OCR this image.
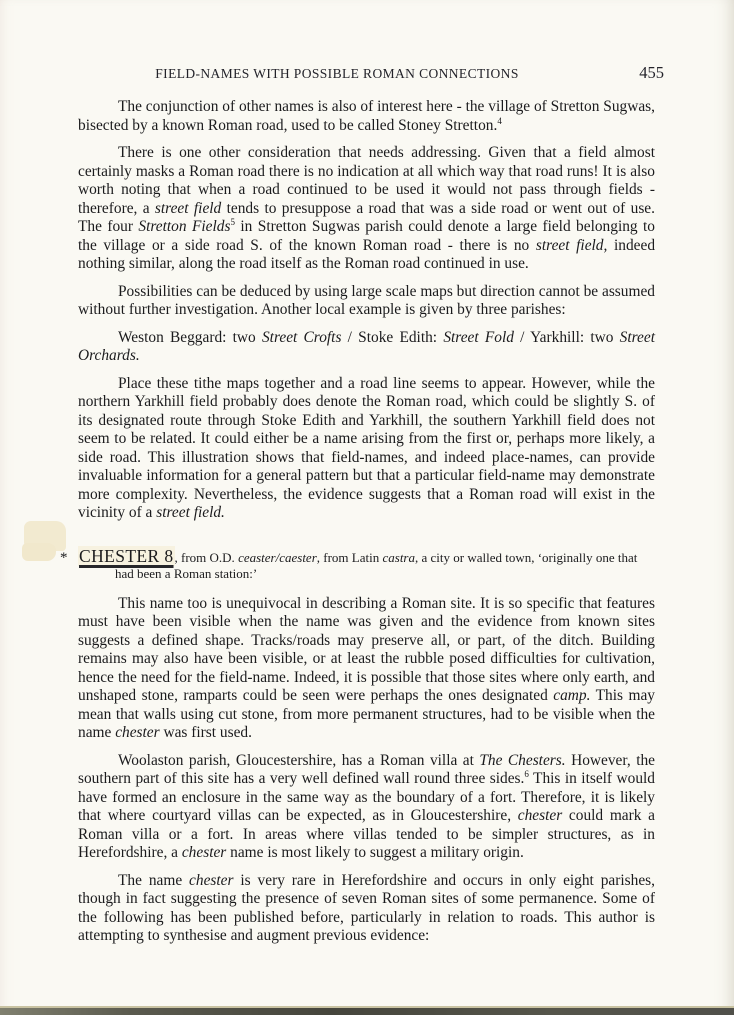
FIELD-NAMES WITH POSSIBLE ROMAN CONNECTIONS	455

The conjunction of other names is also of interest here - the village of Stretton Sugwas, bisected by a known Roman road, used to be called Stoney Stretton.$^4$

There is one other consideration that needs addressing. Given that a field almost certainly masks a Roman road there is no indication at all which way that road runs! It is also worth noting that when a road continued to be used it would not pass through fields - therefore, a street field tends to presuppose a road that was a side road or went out of use. The four Stretton Fields$^5$ in Stretton Sugwas parish could denote a large field belonging to the village or a side road S. of the known Roman road - there is no street field, indeed nothing similar, along the road itself as the Roman road continued in use.

Possibilities can be deduced by using large scale maps but direction cannot be assumed without further investigation. Another local example is given by three parishes:

Weston Beggard: two Street Crofts / Stoke Edith: Street Fold / Yarkhill: two Street Orchards.

Place these tithe maps together and a road line seems to appear. However, while the northern Yarkhill field probably does denote the Roman road, which could be slightly S. of its designated route through Stoke Edith and Yarkhill, the southern Yarkhill field does not seem to be related. It could either be a name arising from the first or, perhaps more likely, a side road. This illustration shows that field-names, and indeed place-names, can provide invaluable information for a general pattern but that a particular field-name may demonstrate more complexity. Nevertheless, the evidence suggests that a Roman road will exist in the vicinity of a street field.

* CHESTER 8, from O.D. ceaster/caester, from Latin castra, a city or walled town, ‘originally one that had been a Roman station:’

This name too is unequivocal in describing a Roman site. It is so specific that features must have been visible when the name was given and the evidence from known sites suggests a defined shape. Tracks/roads may preserve all, or part, of the ditch. Building remains may also have been visible, or at least the rubble posed difficulties for cultivation, hence the need for the field-name. Indeed, it is possible that those sites where only earth, and unshaped stone, ramparts could be seen were perhaps the ones designated camp. This may mean that walls using cut stone, from more permanent structures, had to be visible when the name chester was first used.

Woolaston parish, Gloucestershire, has a Roman villa at The Chesters. However, the southern part of this site has a very well defined wall round three sides.$^6$ This in itself would have formed an enclosure in the same way as the boundary of a fort. Therefore, it is likely that where courtyard villas can be expected, as in Gloucestershire, chester could mark a Roman villa or a fort. In areas where villas tended to be simpler structures, as in Herefordshire, a chester name is most likely to suggest a military origin.

The name chester is very rare in Herefordshire and occurs in only eight parishes, though in fact suggesting the presence of seven Roman sites of some permanence. Some of the following has been published before, particularly in relation to roads. This author is attempting to synthesise and augment previous evidence:
